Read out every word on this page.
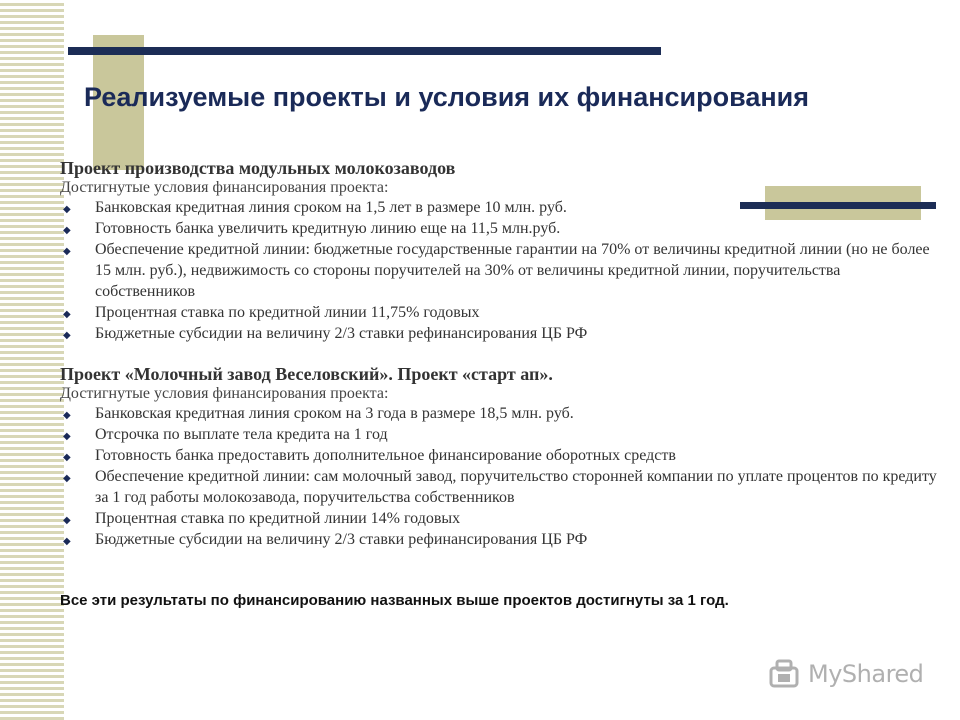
Реализуемые проекты и условия их финансирования

Проект производства модульных молокозаводов

Достигнутые условия финансирования проекта:

◆ Банковская кредитная линия сроком на 1,5 лет в размере 10 млн. руб.
◆ Готовность банка увеличить кредитную линию еще на 11,5 млн.руб.
◆ Обеспечение кредитной линии: бюджетные государственные гарантии на 70% от величины кредитной линии (но не более 15 млн. руб.), недвижимость со стороны поручителей на 30% от величины кредитной линии, поручительства собственников
◆ Процентная ставка по кредитной линии 11,75% годовых
◆ Бюджетные субсидии на величину 2/3 ставки рефинансирования ЦБ РФ

Проект «Молочный завод Веселовский». Проект «старт ап».

Достигнутые условия финансирования проекта:

◆ Банковская кредитная линия сроком на 3 года в размере 18,5 млн. руб.
◆ Отсрочка по выплате тела кредита на 1 год
◆ Готовность банка предоставить дополнительное финансирование оборотных средств
◆ Обеспечение кредитной линии: сам молочный завод, поручительство сторонней компании по уплате процентов по кредиту за 1 год работы молокозавода, поручительства собственников
◆ Процентная ставка по кредитной линии 14% годовых
◆ Бюджетные субсидии на величину 2/3 ставки рефинансирования ЦБ РФ
Все эти результаты по финансированию названных выше проектов достигнуты за 1 год.
MyShared
